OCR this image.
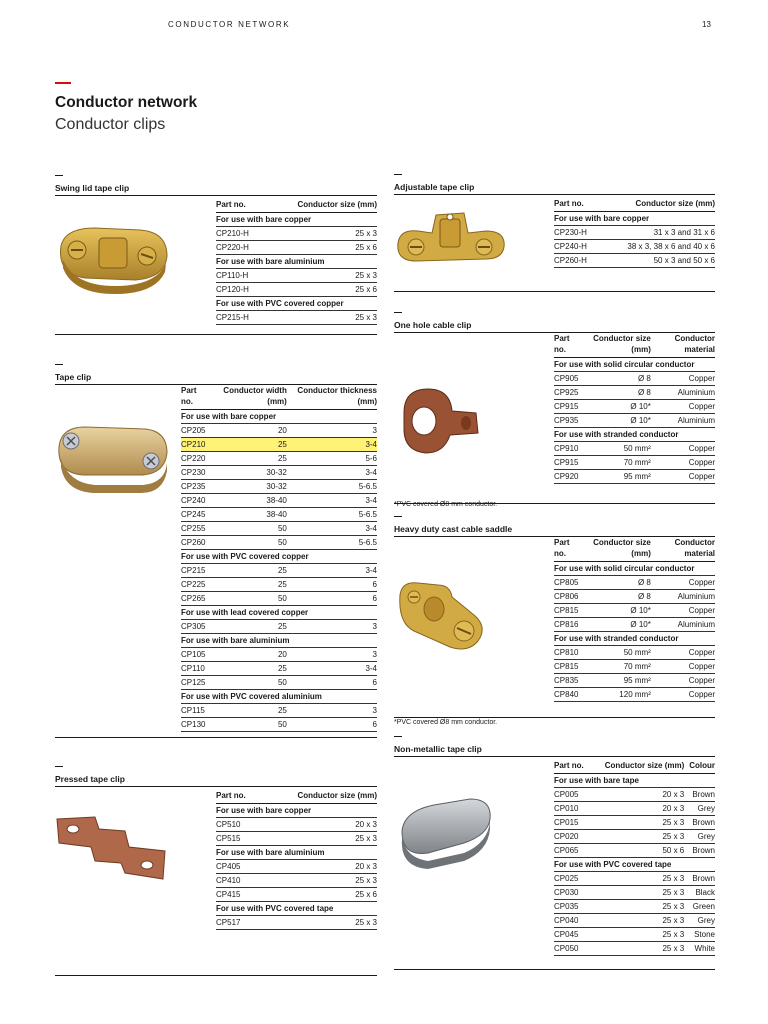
CONDUCTOR NETWORK	13
Conductor network
Conductor clips
Swing lid tape clip
Part no.	Conductor size (mm)
For use with bare copper	
CP210-H	25 x 3
CP220-H	25 x 6
For use with bare aluminium	
CP110-H	25 x 3
CP120-H	25 x 6
For use with PVC covered copper	
CP215-H	25 x 3
Tape clip
Part no.	Conductor width (mm)	Conductor thickness (mm)
For use with bare copper		
CP205	20	3
CP210	25	3-4
CP220	25	5-6
CP230	30-32	3-4
CP235	30-32	5-6.5
CP240	38-40	3-4
CP245	38-40	5-6.5
CP255	50	3-4
CP260	50	5-6.5
For use with PVC covered copper		
CP215	25	3-4
CP225	25	6
CP265	50	6
For use with lead covered copper		
CP305	25	3
For use with bare aluminium		
CP105	20	3
CP110	25	3-4
CP125	50	6
For use with PVC covered aluminium		
CP115	25	3
CP130	50	6
Pressed tape clip
Part no.	Conductor size (mm)
For use with bare copper	
CP510	20 x 3
CP515	25 x 3
For use with bare aluminium	
CP405	20 x 3
CP410	25 x 3
CP415	25 x 6
For use with PVC covered tape	
CP517	25 x 3
Adjustable tape clip
Part no.	Conductor size (mm)
For use with bare copper	
CP230-H	31 x 3 and 31 x 6
CP240-H	38 x 3, 38 x 6 and 40 x 6
CP260-H	50 x 3 and 50 x 6
One hole cable clip
Part no.	Conductor size (mm)	Conductor material
For use with solid circular conductor		
CP905	Ø 8	Copper
CP925	Ø 8	Aluminium
CP915	Ø 10*	Copper
CP935	Ø 10*	Aluminium
For use with stranded conductor		
CP910	50 mm²	Copper
CP915	70 mm²	Copper
CP920	95 mm²	Copper
*PVC covered Ø8 mm conductor.
Heavy duty cast cable saddle
Part no.	Conductor size (mm)	Conductor material
For use with solid circular conductor		
CP805	Ø 8	Copper
CP806	Ø 8	Aluminium
CP815	Ø 10*	Copper
CP816	Ø 10*	Aluminium
For use with stranded conductor		
CP810	50 mm²	Copper
CP815	70 mm²	Copper
CP835	95 mm²	Copper
CP840	120 mm²	Copper
*PVC covered Ø8 mm conductor.
Non-metallic tape clip
Part no.	Conductor size (mm)	Colour
For use with bare tape		
CP005	20 x 3	Brown
CP010	20 x 3	Grey
CP015	25 x 3	Brown
CP020	25 x 3	Grey
CP065	50 x 6	Brown
For use with PVC covered tape		
CP025	25 x 3	Brown
CP030	25 x 3	Black
CP035	25 x 3	Green
CP040	25 x 3	Grey
CP045	25 x 3	Stone
CP050	25 x 3	White
